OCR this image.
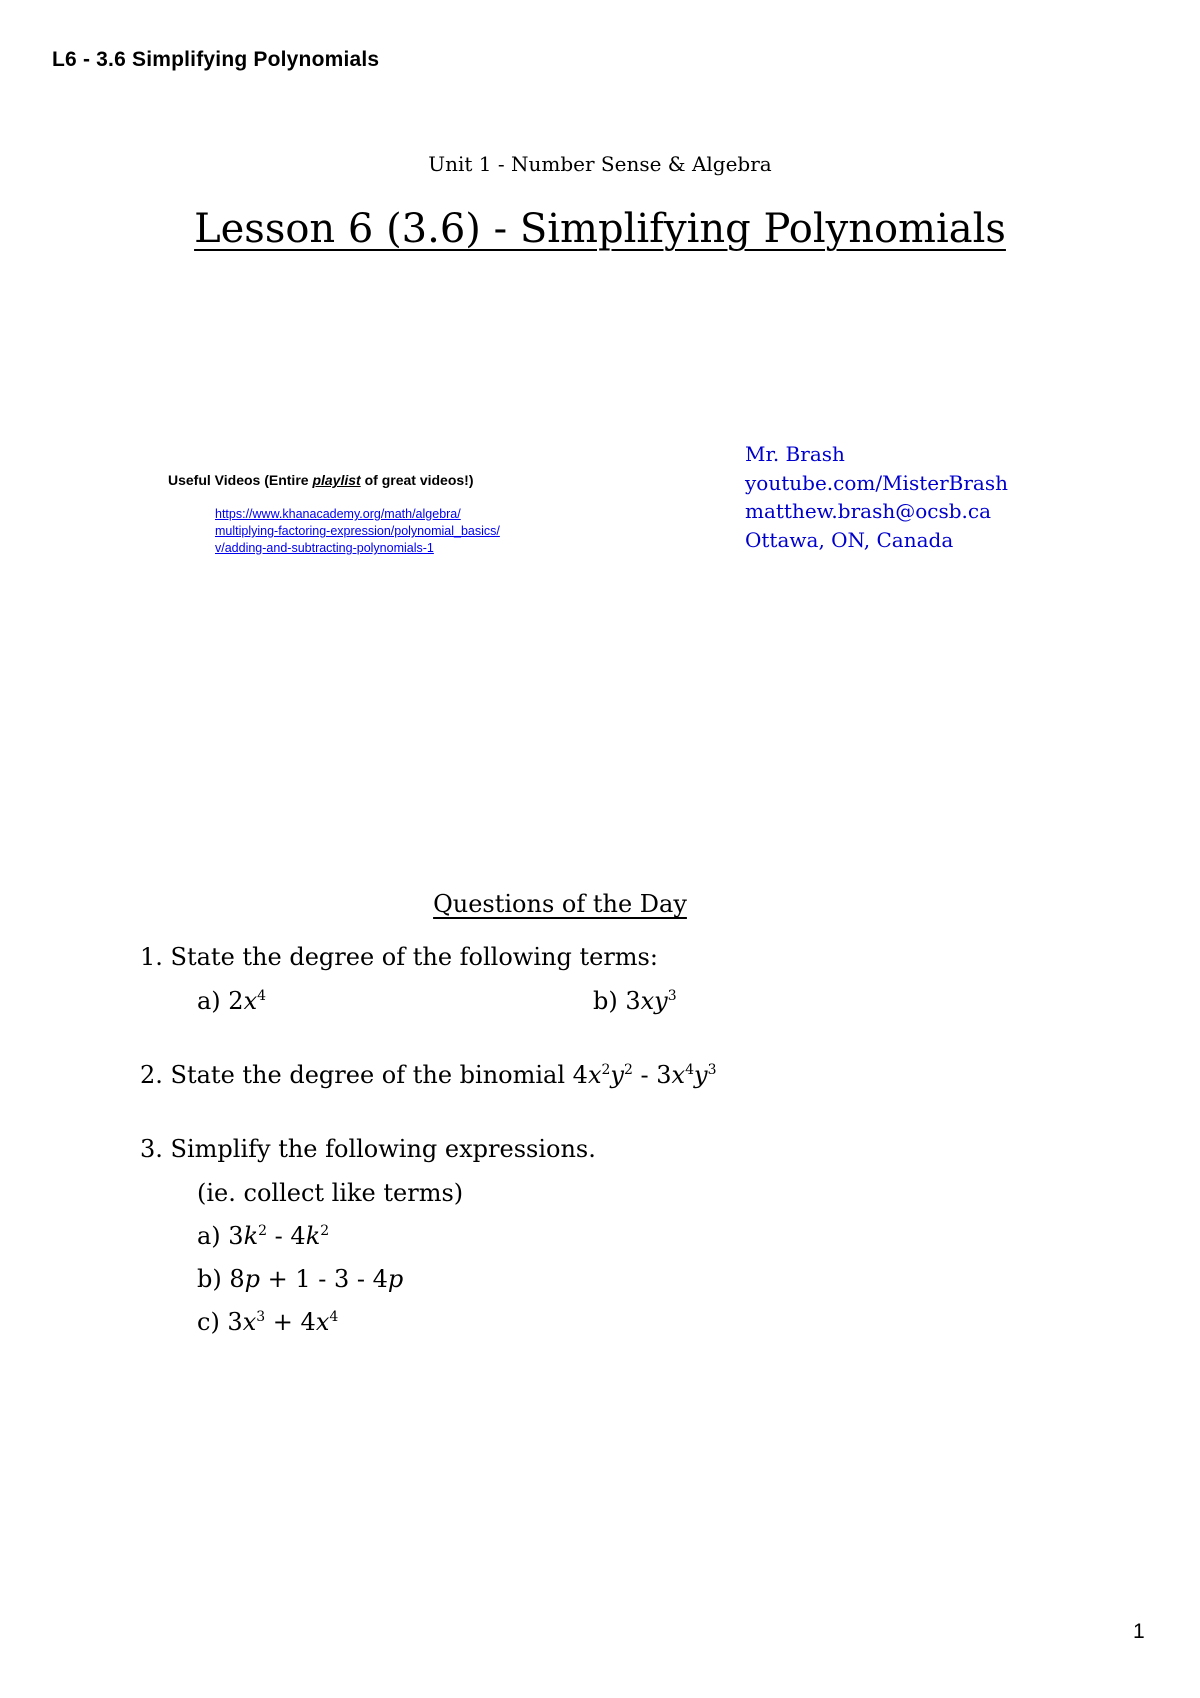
L6 - 3.6 Simplifying Polynomials
Unit 1 - Number Sense & Algebra
Lesson 6 (3.6) - Simplifying Polynomials
Useful Videos (Entire playlist of great videos!)
https://www.khanacademy.org/math/algebra/
multiplying-factoring-expression/polynomial_basics/
v/adding-and-subtracting-polynomials-1
Mr. Brash
youtube.com/MisterBrash
matthew.brash@ocsb.ca
Ottawa, ON, Canada
Questions of the Day
1. State the degree of the following terms:
a) $2x^4$	b) $3xy^3$
2. State the degree of the binomial $4x^2y^2 - 3x^4y^3$
3. Simplify the following expressions.
(ie. collect like terms)
a) $3k^2 - 4k^2$
b) 8p + 1 - 3 - 4p
c) $3x^3 + 4x^4$
1
